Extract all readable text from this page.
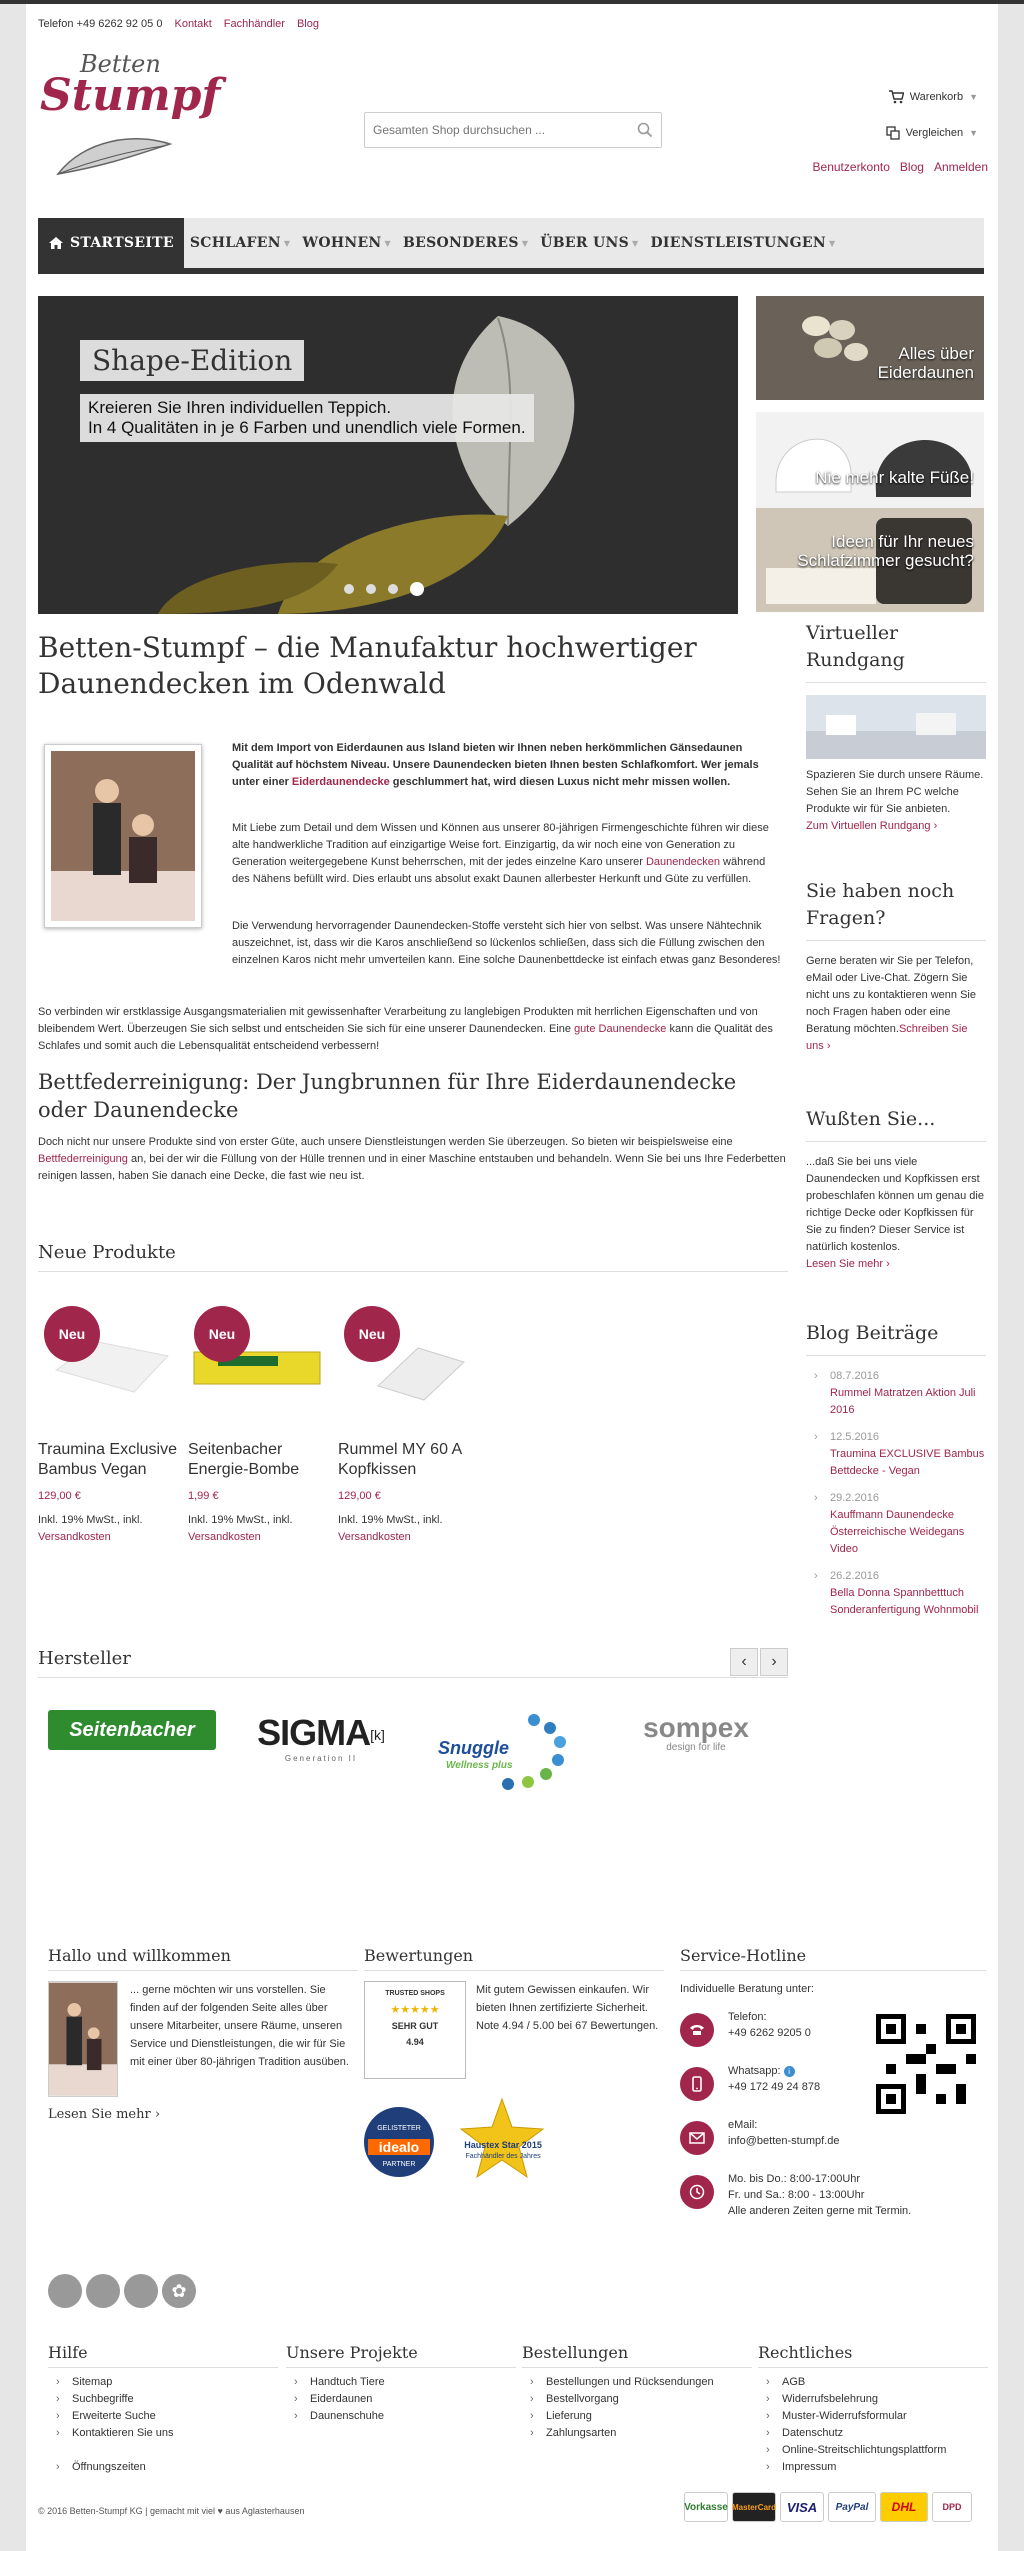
Telefon +49 6262 92 05 0 Kontakt Fachhändler Blog
Betten
Stumpf
Gesamten Shop durchsuchen ...	Warenkorb ▼
Vergleichen ▼
Benutzerkonto Blog Anmelden
STARTSEITE SCHLAFEN ▼ WOHNEN ▼ BESONDERES ▼ ÜBER UNS ▼ DIENSTLEISTUNGEN ▼
Shape-Edition
Kreieren Sie Ihren individuellen Teppich.
In 4 Qualitäten in je 6 Farben und unendlich viele Formen.
Alles über
Eiderdaunen
Nie mehr kalte Füße!
Ideen für Ihr neues
Schlafzimmer gesucht?
Betten-Stumpf – die Manufaktur hochwertiger Daunendecken im Odenwald
Mit dem Import von Eiderdaunen aus Island bieten wir Ihnen neben herkömmlichen Gänsedaunen Qualität auf höchstem Niveau. Unsere Daunendecken bieten Ihnen besten Schlafkomfort. Wer jemals unter einer Eiderdaunendecke geschlummert hat, wird diesen Luxus nicht mehr missen wollen.
Mit Liebe zum Detail und dem Wissen und Können aus unserer 80-jährigen Firmengeschichte führen wir diese alte handwerkliche Tradition auf einzigartige Weise fort. Einzigartig, da wir noch eine von Generation zu Generation weitergegebene Kunst beherrschen, mit der jedes einzelne Karo unserer Daunendecken während des Nähens befüllt wird. Dies erlaubt uns absolut exakt Daunen allerbester Herkunft und Güte zu verfüllen.
Die Verwendung hervorragender Daunendecken-Stoffe versteht sich hier von selbst. Was unsere Nähtechnik auszeichnet, ist, dass wir die Karos anschließend so lückenlos schließen, dass sich die Füllung zwischen den einzelnen Karos nicht mehr umverteilen kann. Eine solche Daunenbettdecke ist einfach etwas ganz Besonderes!
So verbinden wir erstklassige Ausgangsmaterialien mit gewissenhafter Verarbeitung zu langlebigen Produkten mit herrlichen Eigenschaften und von bleibendem Wert. Überzeugen Sie sich selbst und entscheiden Sie sich für eine unserer Daunendecken. Eine gute Daunendecke kann die Qualität des Schlafes und somit auch die Lebensqualität entscheidend verbessern!
Bettfederreinigung: Der Jungbrunnen für Ihre Eiderdaunendecke oder Daunendecke
Doch nicht nur unsere Produkte sind von erster Güte, auch unsere Dienstleistungen werden Sie überzeugen. So bieten wir beispielsweise eine Bettfederreinigung an, bei der wir die Füllung von der Hülle trennen und in einer Maschine entstauben und behandeln. Wenn Sie bei uns Ihre Federbetten reinigen lassen, haben Sie danach eine Decke, die fast wie neu ist.
Virtueller Rundgang
Spazieren Sie durch unsere Räume. Sehen Sie an Ihrem PC welche Produkte wir für Sie anbieten.
Zum Virtuellen Rundgang ›
Sie haben noch Fragen?
Gerne beraten wir Sie per Telefon, eMail oder Live-Chat. Zögern Sie nicht uns zu kontaktieren wenn Sie noch Fragen haben oder eine Beratung möchten.Schreiben Sie uns ›
Wußten Sie...
...daß Sie bei uns viele Daunendecken und Kopfkissen erst probeschlafen können um genau die richtige Decke oder Kopfkissen für Sie zu finden? Dieser Service ist natürlich kostenlos.
Lesen Sie mehr ›
Blog Beiträge
› 08.7.2016
Rummel Matratzen Aktion Juli 2016
› 12.5.2016
Traumina EXCLUSIVE Bambus Bettdecke - Vegan
› 29.2.2016
Kauffmann Daunendecke Österreichische Weidegans Video
› 26.2.2016
Bella Donna Spannbetttuch Sonderanfertigung Wohnmobil
Neue Produkte
Neu
Traumina Exclusive Bambus Vegan
129,00 €
Inkl. 19% MwSt., inkl. Versandkosten
Neu
Seitenbacher Energie-Bombe
1,99 €
Inkl. 19% MwSt., inkl. Versandkosten
Neu
Rummel MY 60 A Kopfkissen
129,00 €
Inkl. 19% MwSt., inkl. Versandkosten
Hersteller	‹	›
Seitenbacher	SIGMA[k]
Generation II
Snuggle
Wellness plus
sompex
design for life
Hallo und willkommen
... gerne möchten wir uns vorstellen. Sie finden auf der folgenden Seite alles über unsere Mitarbeiter, unsere Räume, unseren Service und Dienstleistungen, die wir für Sie mit einer über 80-jährigen Tradition ausüben.
Lesen Sie mehr ›
Bewertungen
TRUSTED SHOPS
★★★★★
SEHR GUT
4.94
Mit gutem Gewissen einkaufen. Wir bieten Ihnen zertifizierte Sicherheit.
Note 4.94 / 5.00 bei 67 Bewertungen.
GELISTETER
idealo
PARTNER

Haustex Star 2015
Fachhändler des Jahres
Service-Hotline
Individuelle Beratung unter:
Telefon:
+49 6262 9205 0
Whatsapp: i
+49 172 49 24 878
eMail:
info@betten-stumpf.de
Mo. bis Do.: 8:00-17:00Uhr
Fr. und Sa.: 8:00 - 13:00Uhr
Alle anderen Zeiten gerne mit Termin.
✿
Hilfe
› Sitemap
› Suchbegriffe
› Erweiterte Suche
› Kontaktieren Sie uns
› Öffnungszeiten
Unsere Projekte
› Handtuch Tiere
› Eiderdaunen
› Daunenschuhe
Bestellungen
› Bestellungen und Rücksendungen
› Bestellvorgang
› Lieferung
› Zahlungsarten
Rechtliches
› AGB
› Widerrufsbelehrung
› Muster-Widerrufsformular
› Datenschutz
› Online-Streitschlichtungsplattform
› Impressum
© 2016 Betten-Stumpf KG | gemacht mit viel ♥ aus Aglasterhausen	Vorkasse MasterCard VISA	PayPal	DHL	DPD
